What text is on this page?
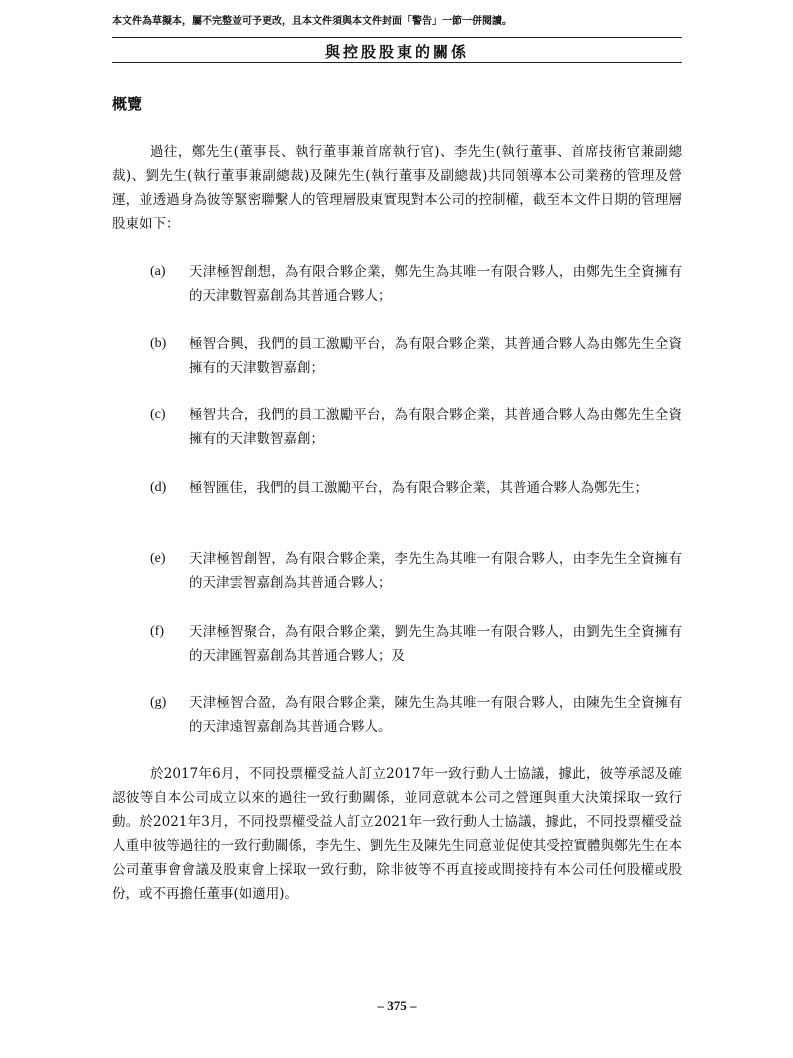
本文件為草擬本，屬不完整並可予更改，且本文件須與本文件封面「警告」一節一併閱讀。
與控股股東的關係
概覽
過往，鄭先生(董事長、執行董事兼首席執行官)、李先生(執行董事、首席技術官兼副總裁)、劉先生(執行董事兼副總裁)及陳先生(執行董事及副總裁)共同領導本公司業務的管理及營運，並透過身為彼等緊密聯繫人的管理層股東實現對本公司的控制權，截至本文件日期的管理層股東如下：
(a)	天津極智創想，為有限合夥企業，鄭先生為其唯一有限合夥人，由鄭先生全資擁有的天津數智嘉創為其普通合夥人；
(b)	極智合興，我們的員工激勵平台，為有限合夥企業，其普通合夥人為由鄭先生全資擁有的天津數智嘉創；
(c)	極智共合，我們的員工激勵平台，為有限合夥企業，其普通合夥人為由鄭先生全資擁有的天津數智嘉創；
(d)	極智匯佳，我們的員工激勵平台，為有限合夥企業，其普通合夥人為鄭先生；
(e)	天津極智創智，為有限合夥企業，李先生為其唯一有限合夥人，由李先生全資擁有的天津雲智嘉創為其普通合夥人；
(f)	天津極智聚合，為有限合夥企業，劉先生為其唯一有限合夥人，由劉先生全資擁有的天津匯智嘉創為其普通合夥人；及
(g)	天津極智合盈，為有限合夥企業，陳先生為其唯一有限合夥人，由陳先生全資擁有的天津遠智嘉創為其普通合夥人。
於2017年6月，不同投票權受益人訂立2017年一致行動人士協議，據此，彼等承認及確認彼等自本公司成立以來的過往一致行動關係，並同意就本公司之營運與重大決策採取一致行動。於2021年3月，不同投票權受益人訂立2021年一致行動人士協議，據此，不同投票權受益人重申彼等過往的一致行動關係，李先生、劉先生及陳先生同意並促使其受控實體與鄭先生在本公司董事會會議及股東會上採取一致行動，除非彼等不再直接或間接持有本公司任何股權或股份，或不再擔任董事(如適用)。
– 375 –
